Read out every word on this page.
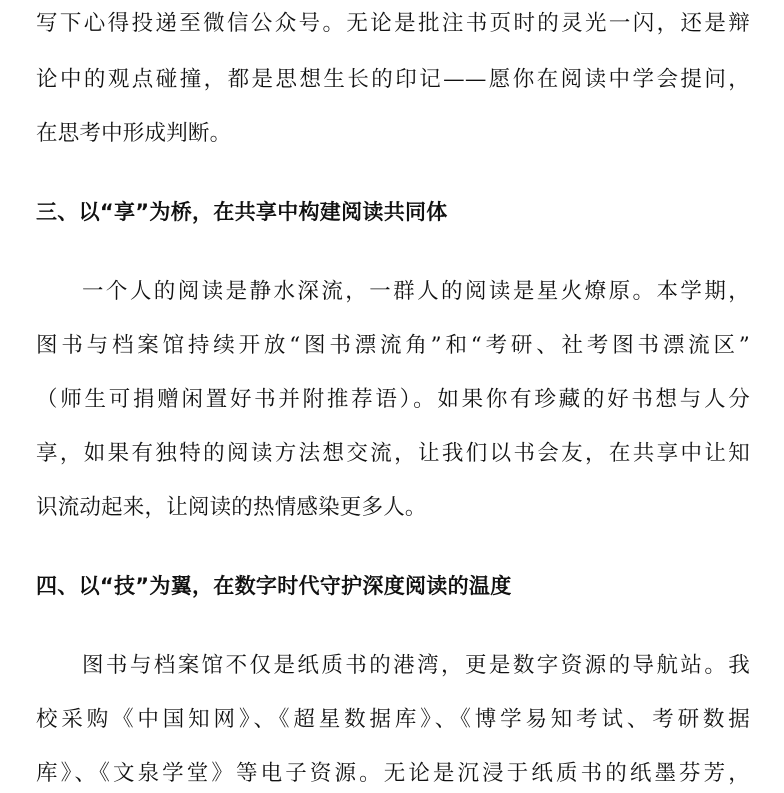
写下心得投递至微信公众号。无论是批注书页时的灵光一闪，还是辩
论中的观点碰撞，都是思想生长的印记——愿你在阅读中学会提问，
在思考中形成判断。
三、以“享”为桥，在共享中构建阅读共同体
一个人的阅读是静水深流，一群人的阅读是星火燎原。本学期，
图书与档案馆持续开放“图书漂流角”和“考研、社考图书漂流区”
（师生可捐赠闲置好书并附推荐语）。如果你有珍藏的好书想与人分
享，如果有独特的阅读方法想交流，让我们以书会友，在共享中让知
识流动起来，让阅读的热情感染更多人。
四、以“技”为翼，在数字时代守护深度阅读的温度
图书与档案馆不仅是纸质书的港湾，更是数字资源的导航站。我
校采购《中国知网》、《超星数据库》、《博学易知考试、考研数据
库》、《文泉学堂》等电子资源。无论是沉浸于纸质书的纸墨芬芳，
